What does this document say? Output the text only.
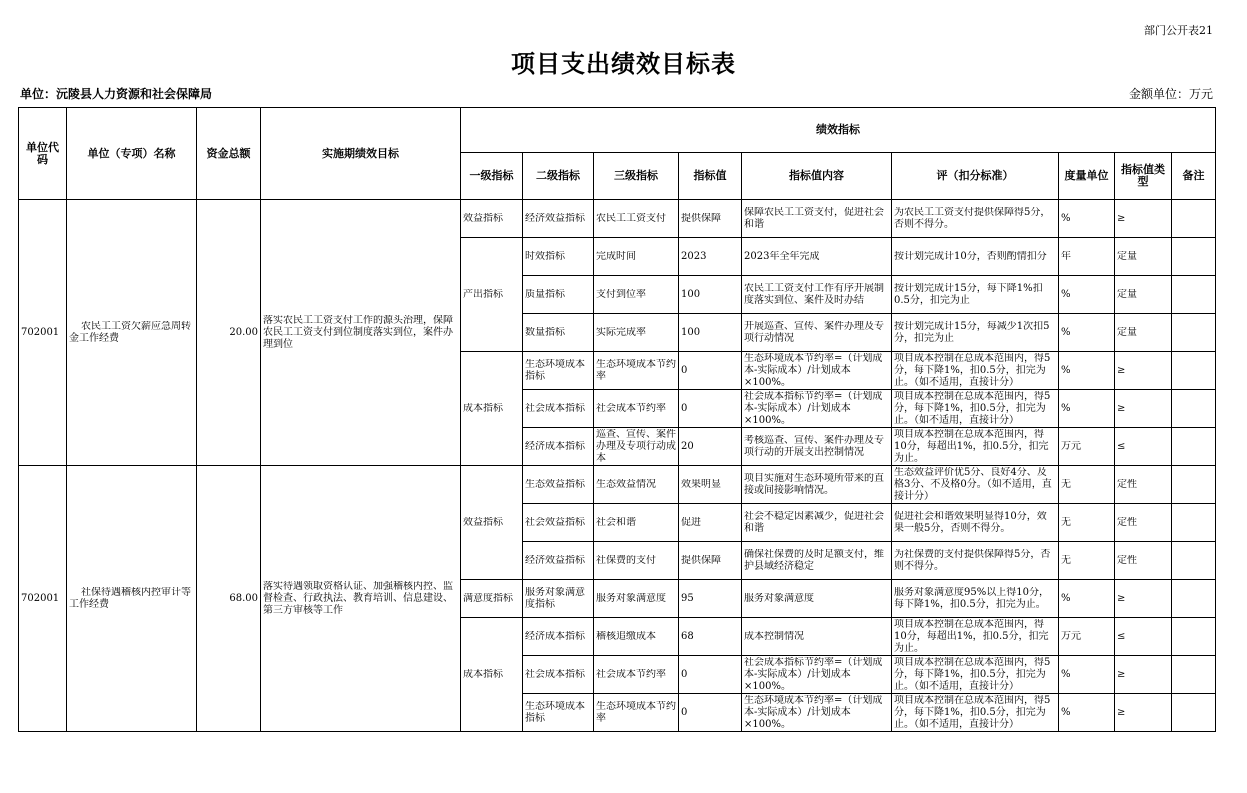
部门公开表21
项目支出绩效目标表
单位：沅陵县人力资源和社会保障局	金额单位：万元
单位代码	单位（专项）名称	资金总额	实施期绩效目标	绩效指标								
				一级指标	二级指标	三级指标	指标值	指标值内容	评（扣分标准）	度量单位	指标值类型	备注

702001	农民工工资欠薪应急周转金工作经费	20.00	落实农民工工资支付工作的源头治理，保障农民工工资支付到位制度落实到位，案件办理到位	效益指标	经济效益指标	农民工工资支付	提供保障	保障农民工工资支付，促进社会和谐	为农民工工资支付提供保障得5分，否则不得分。	%	≥	

				产出指标	时效指标	完成时间	2023	2023年全年完成	按计划完成计10分，否则酌情扣分	年	定量	

					质量指标	支付到位率	100	农民工工资支付工作有序开展制度落实到位、案件及时办结	按计划完成计15分，每下降1%扣0.5分，扣完为止	%	定量	

					数量指标	实际完成率	100	开展巡查、宣传、案件办理及专项行动情况	按计划完成计15分，每减少1次扣5分，扣完为止	%	定量	

				成本指标	生态环境成本指标	生态环境成本节约率	0	生态环境成本节约率=（计划成本-实际成本）/计划成本×100%。	项目成本控制在总成本范围内，得5分，每下降1%，扣0.5分，扣完为止。（如不适用，直接计分）	%	≥	

					社会成本指标	社会成本节约率	0	社会成本指标节约率=（计划成本-实际成本）/计划成本×100%。	项目成本控制在总成本范围内，得5分，每下降1%，扣0.5分，扣完为止。（如不适用，直接计分）	%	≥	

					经济成本指标	巡查、宣传、案件办理及专项行动成本	20	考核巡查、宣传、案件办理及专项行动的开展支出控制情况	项目成本控制在总成本范围内，得10分，每超出1%，扣0.5分，扣完为止。	万元	≤	

702001	社保待遇稽核内控审计等工作经费	68.00	落实待遇领取资格认证、加强稽核内控、监督检查、行政执法、教育培训、信息建设、第三方审核等工作	效益指标	生态效益指标	生态效益情况	效果明显	项目实施对生态环境所带来的直接或间接影响情况。	生态效益评价优5分、良好4分、及格3分、不及格0分。（如不适用，直接计分）	无	定性	

					社会效益指标	社会和谐	促进	社会不稳定因素减少，促进社会和谐	促进社会和谐效果明显得10分，效果一般5分，否则不得分。	无	定性	

					经济效益指标	社保费的支付	提供保障	确保社保费的及时足额支付，维护县域经济稳定	为社保费的支付提供保障得5分，否则不得分。	无	定性	

				满意度指标	服务对象满意度指标	服务对象满意度	95	服务对象满意度	服务对象满意度95%以上得10分，每下降1%，扣0.5分，扣完为止。	%	≥	

				成本指标	经济成本指标	稽核追缴成本	68	成本控制情况	项目成本控制在总成本范围内，得10分，每超出1%，扣0.5分，扣完为止。	万元	≤	

					社会成本指标	社会成本节约率	0	社会成本指标节约率=（计划成本-实际成本）/计划成本×100%。	项目成本控制在总成本范围内，得5分，每下降1%，扣0.5分，扣完为止。（如不适用，直接计分）	%	≥	

					生态环境成本指标	生态环境成本节约率	0	生态环境成本节约率=（计划成本-实际成本）/计划成本×100%。	项目成本控制在总成本范围内，得5分，每下降1%，扣0.5分，扣完为止。（如不适用，直接计分）	%	≥	
